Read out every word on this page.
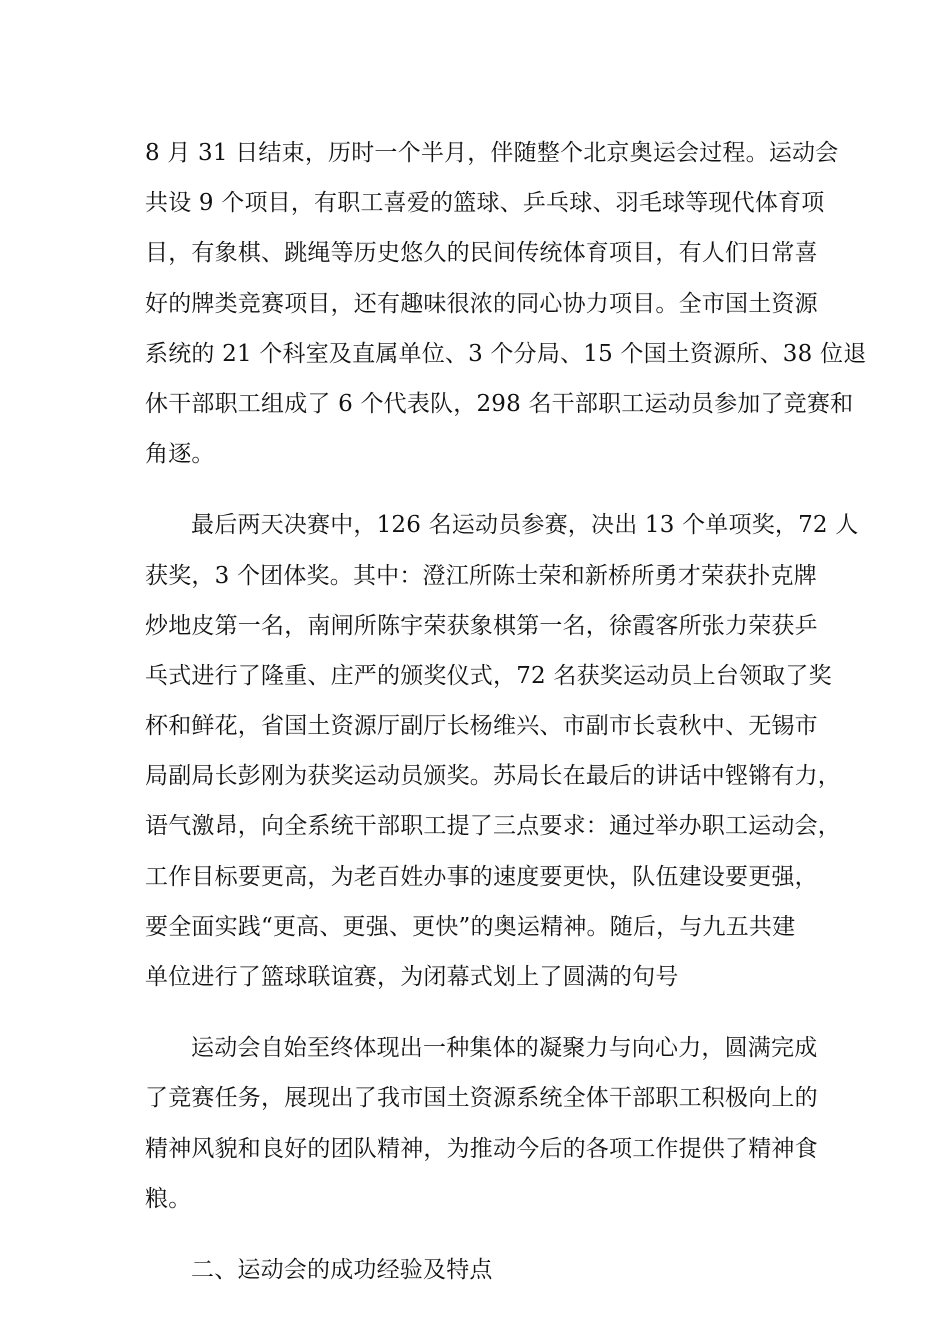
8 月 31 日结束，历时一个半月，伴随整个北京奥运会过程。运动会
共设 9 个项目，有职工喜爱的篮球、乒乓球、羽毛球等现代体育项
目，有象棋、跳绳等历史悠久的民间传统体育项目，有人们日常喜
好的牌类竞赛项目，还有趣味很浓的同心协力项目。全市国土资源
系统的 21 个科室及直属单位、3 个分局、15 个国土资源所、38 位退
休干部职工组成了 6 个代表队，298 名干部职工运动员参加了竞赛和
角逐。
最后两天决赛中，126 名运动员参赛，决出 13 个单项奖，72 人
获奖，3 个团体奖。其中：澄江所陈士荣和新桥所勇才荣获扑克牌
炒地皮第一名，南闸所陈宇荣获象棋第一名，徐霞客所张力荣获乒
乓式进行了隆重、庄严的颁奖仪式，72 名获奖运动员上台领取了奖
杯和鲜花，省国土资源厅副厅长杨维兴、市副市长袁秋中、无锡市
局副局长彭刚为获奖运动员颁奖。苏局长在最后的讲话中铿锵有力，
语气激昂，向全系统干部职工提了三点要求：通过举办职工运动会，
工作目标要更高，为老百姓办事的速度要更快，队伍建设要更强，
要全面实践“更高、更强、更快”的奥运精神。随后，与九五共建
单位进行了篮球联谊赛，为闭幕式划上了圆满的句号
运动会自始至终体现出一种集体的凝聚力与向心力，圆满完成
了竞赛任务，展现出了我市国土资源系统全体干部职工积极向上的
精神风貌和良好的团队精神，为推动今后的各项工作提供了精神食
粮。
二、运动会的成功经验及特点
